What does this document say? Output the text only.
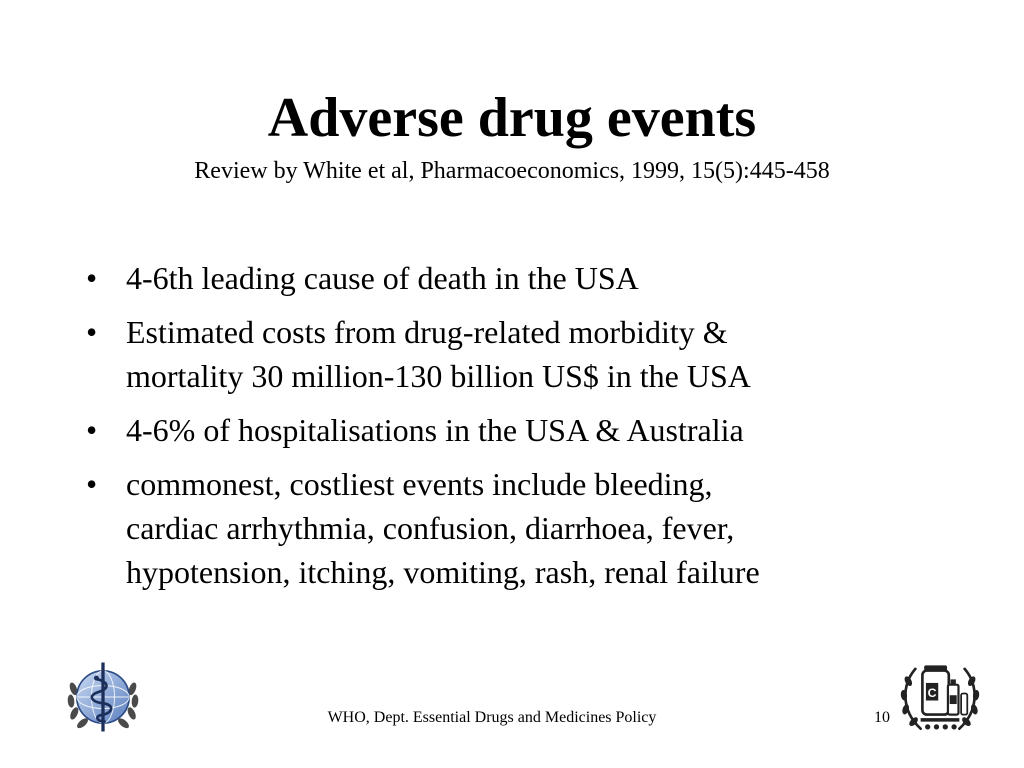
Adverse drug events
Review by White et al, Pharmacoeconomics, 1999, 15(5):445-458
• 4-6th leading cause of death in the USA
• Estimated costs from drug-related morbidity &
mortality 30 million-130 billion US$ in the USA
• 4-6% of hospitalisations in the USA & Australia
• commonest, costliest events include bleeding,
cardiac arrhythmia, confusion, diarrhoea, fever,
hypotension, itching, vomiting, rash, renal failure
WHO, Dept. Essential Drugs and Medicines Policy	10
C
